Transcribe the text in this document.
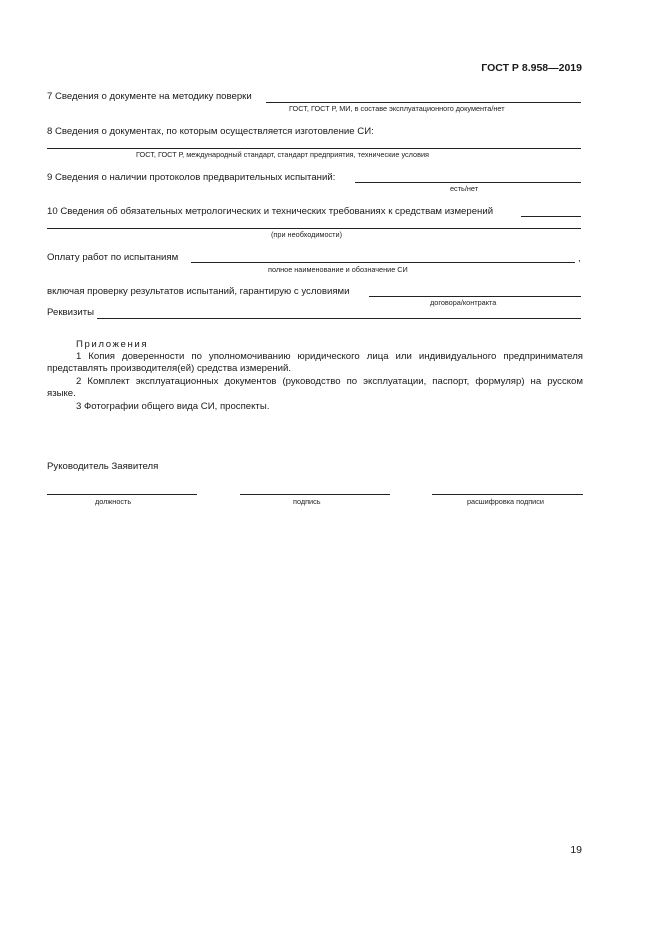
ГОСТ Р 8.958—2019
7 Сведения о документе на методику поверки
ГОСТ, ГОСТ Р, МИ, в составе эксплуатационного документа/нет
8 Сведения о документах, по которым осуществляется изготовление СИ:
ГОСТ, ГОСТ Р, международный стандарт, стандарт предприятия, технические условия
9 Сведения о наличии протоколов предварительных испытаний:
есть/нет
10 Сведения об обязательных метрологических и технических требованиях к средствам измерений
(при необходимости)
Оплату работ по испытаниям	,
полное наименование и обозначение СИ
включая проверку результатов испытаний, гарантирую с условиями
договора/контракта
Реквизиты
Приложения
1 Копия доверенности по уполномочиванию юридического лица или индивидуального предпринимателя
представлять производителя(ей) средства измерений.
2 Комплект эксплуатационных документов (руководство по эксплуатации, паспорт, формуляр) на русском
языке.
3 Фотографии общего вида СИ, проспекты.
Руководитель Заявителя
должность	подпись	расшифровка подписи
19
